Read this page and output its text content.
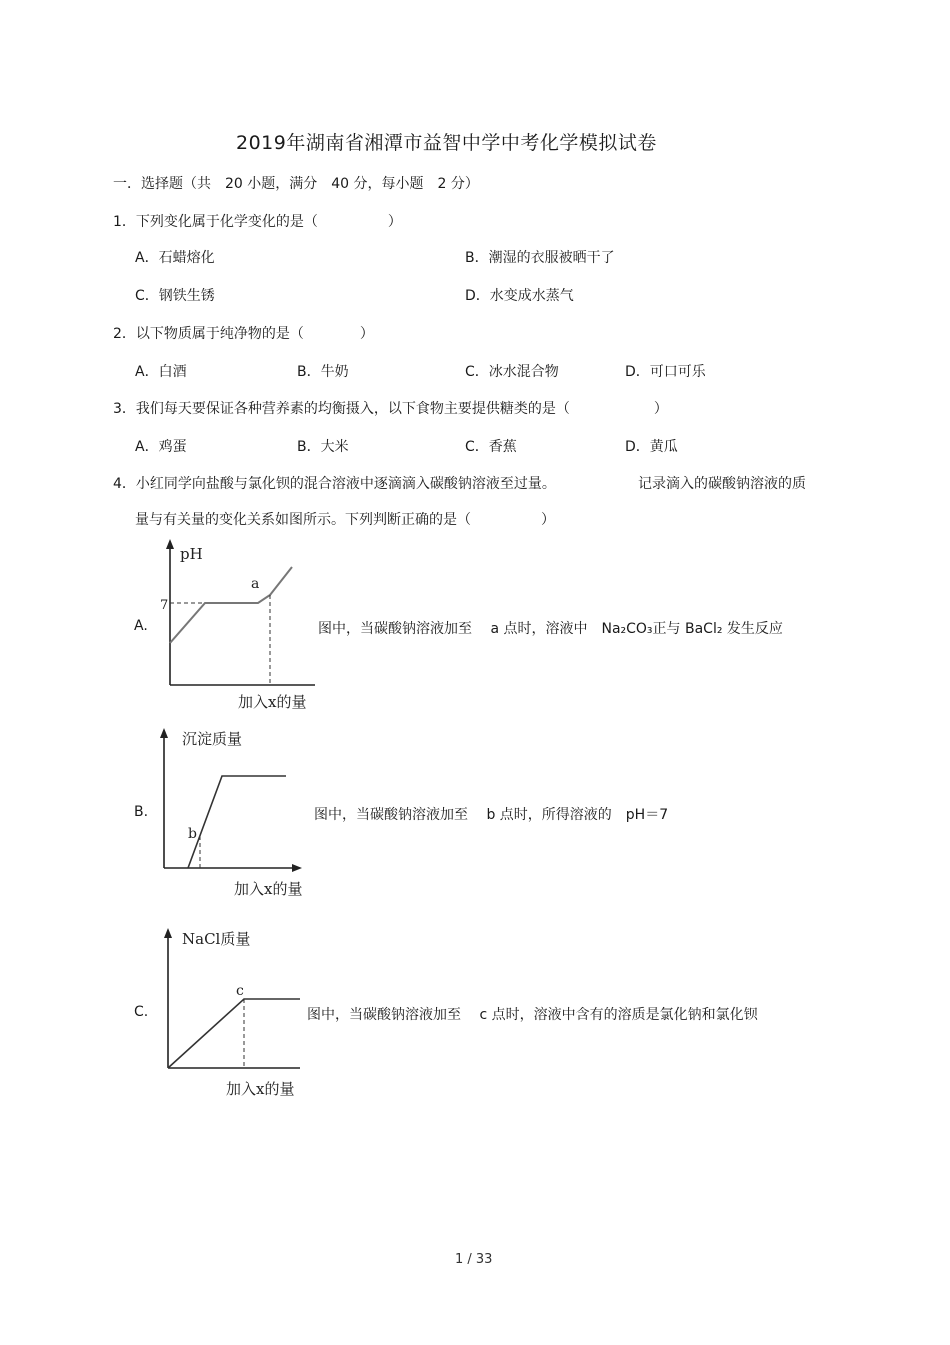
2019年湖南省湘潭市益智中学中考化学模拟试卷
一．选择题（共　20 小题，满分　40 分，每小题　2 分）
1．下列变化属于化学变化的是（　　　　　）
A．石蜡熔化	B．潮湿的衣服被晒干了
C．钢铁生锈	D．水变成水蒸气
2．以下物质属于纯净物的是（　　　　）
A．白酒	B．牛奶	C．冰水混合物	D．可口可乐
3．我们每天要保证各种营养素的均衡摄入，以下食物主要提供糖类的是（　　　　　　）
A．鸡蛋	B．大米	C．香蕉	D．黄瓜
4．小红同学向盐酸与氯化钡的混合溶液中逐滴滴入碳酸钠溶液至过量。	记录滴入的碳酸钠溶液的质
量与有关量的变化关系如图所示。下列判断正确的是（　　　　　）
A.
pH
7
a
加入x的量
图中，当碳酸钠溶液加至　 a 点时，溶液中　Na₂CO₃正与 BaCl₂ 发生反应
B.
沉淀质量
b
加入x的量
图中，当碳酸钠溶液加至　 b 点时，所得溶液的　pH＝7
C.
NaCl质量
c
加入x的量
图中，当碳酸钠溶液加至　 c 点时，溶液中含有的溶质是氯化钠和氯化钡
1 / 33
